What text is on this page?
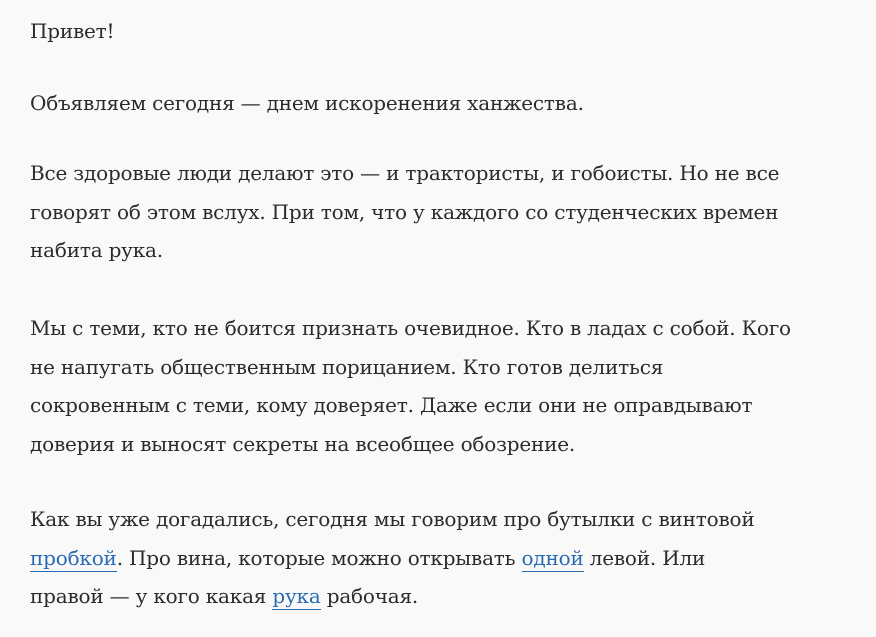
Привет!

Объявляем сегодня — днем искоренения ханжества.

Все здоровые люди делают это — и трактористы, и гобоисты. Но не все
говорят об этом вслух. При том, что у каждого со студенческих времен
набита рука.

Мы с теми, кто не боится признать очевидное. Кто в ладах с собой. Кого
не напугать общественным порицанием. Кто готов делиться
сокровенным с теми, кому доверяет. Даже если они не оправдывают
доверия и выносят секреты на всеобщее обозрение.

Как вы уже догадались, сегодня мы говорим про бутылки с винтовой
пробкой. Про вина, которые можно открывать одной левой. Или
правой — у кого какая рука рабочая.
